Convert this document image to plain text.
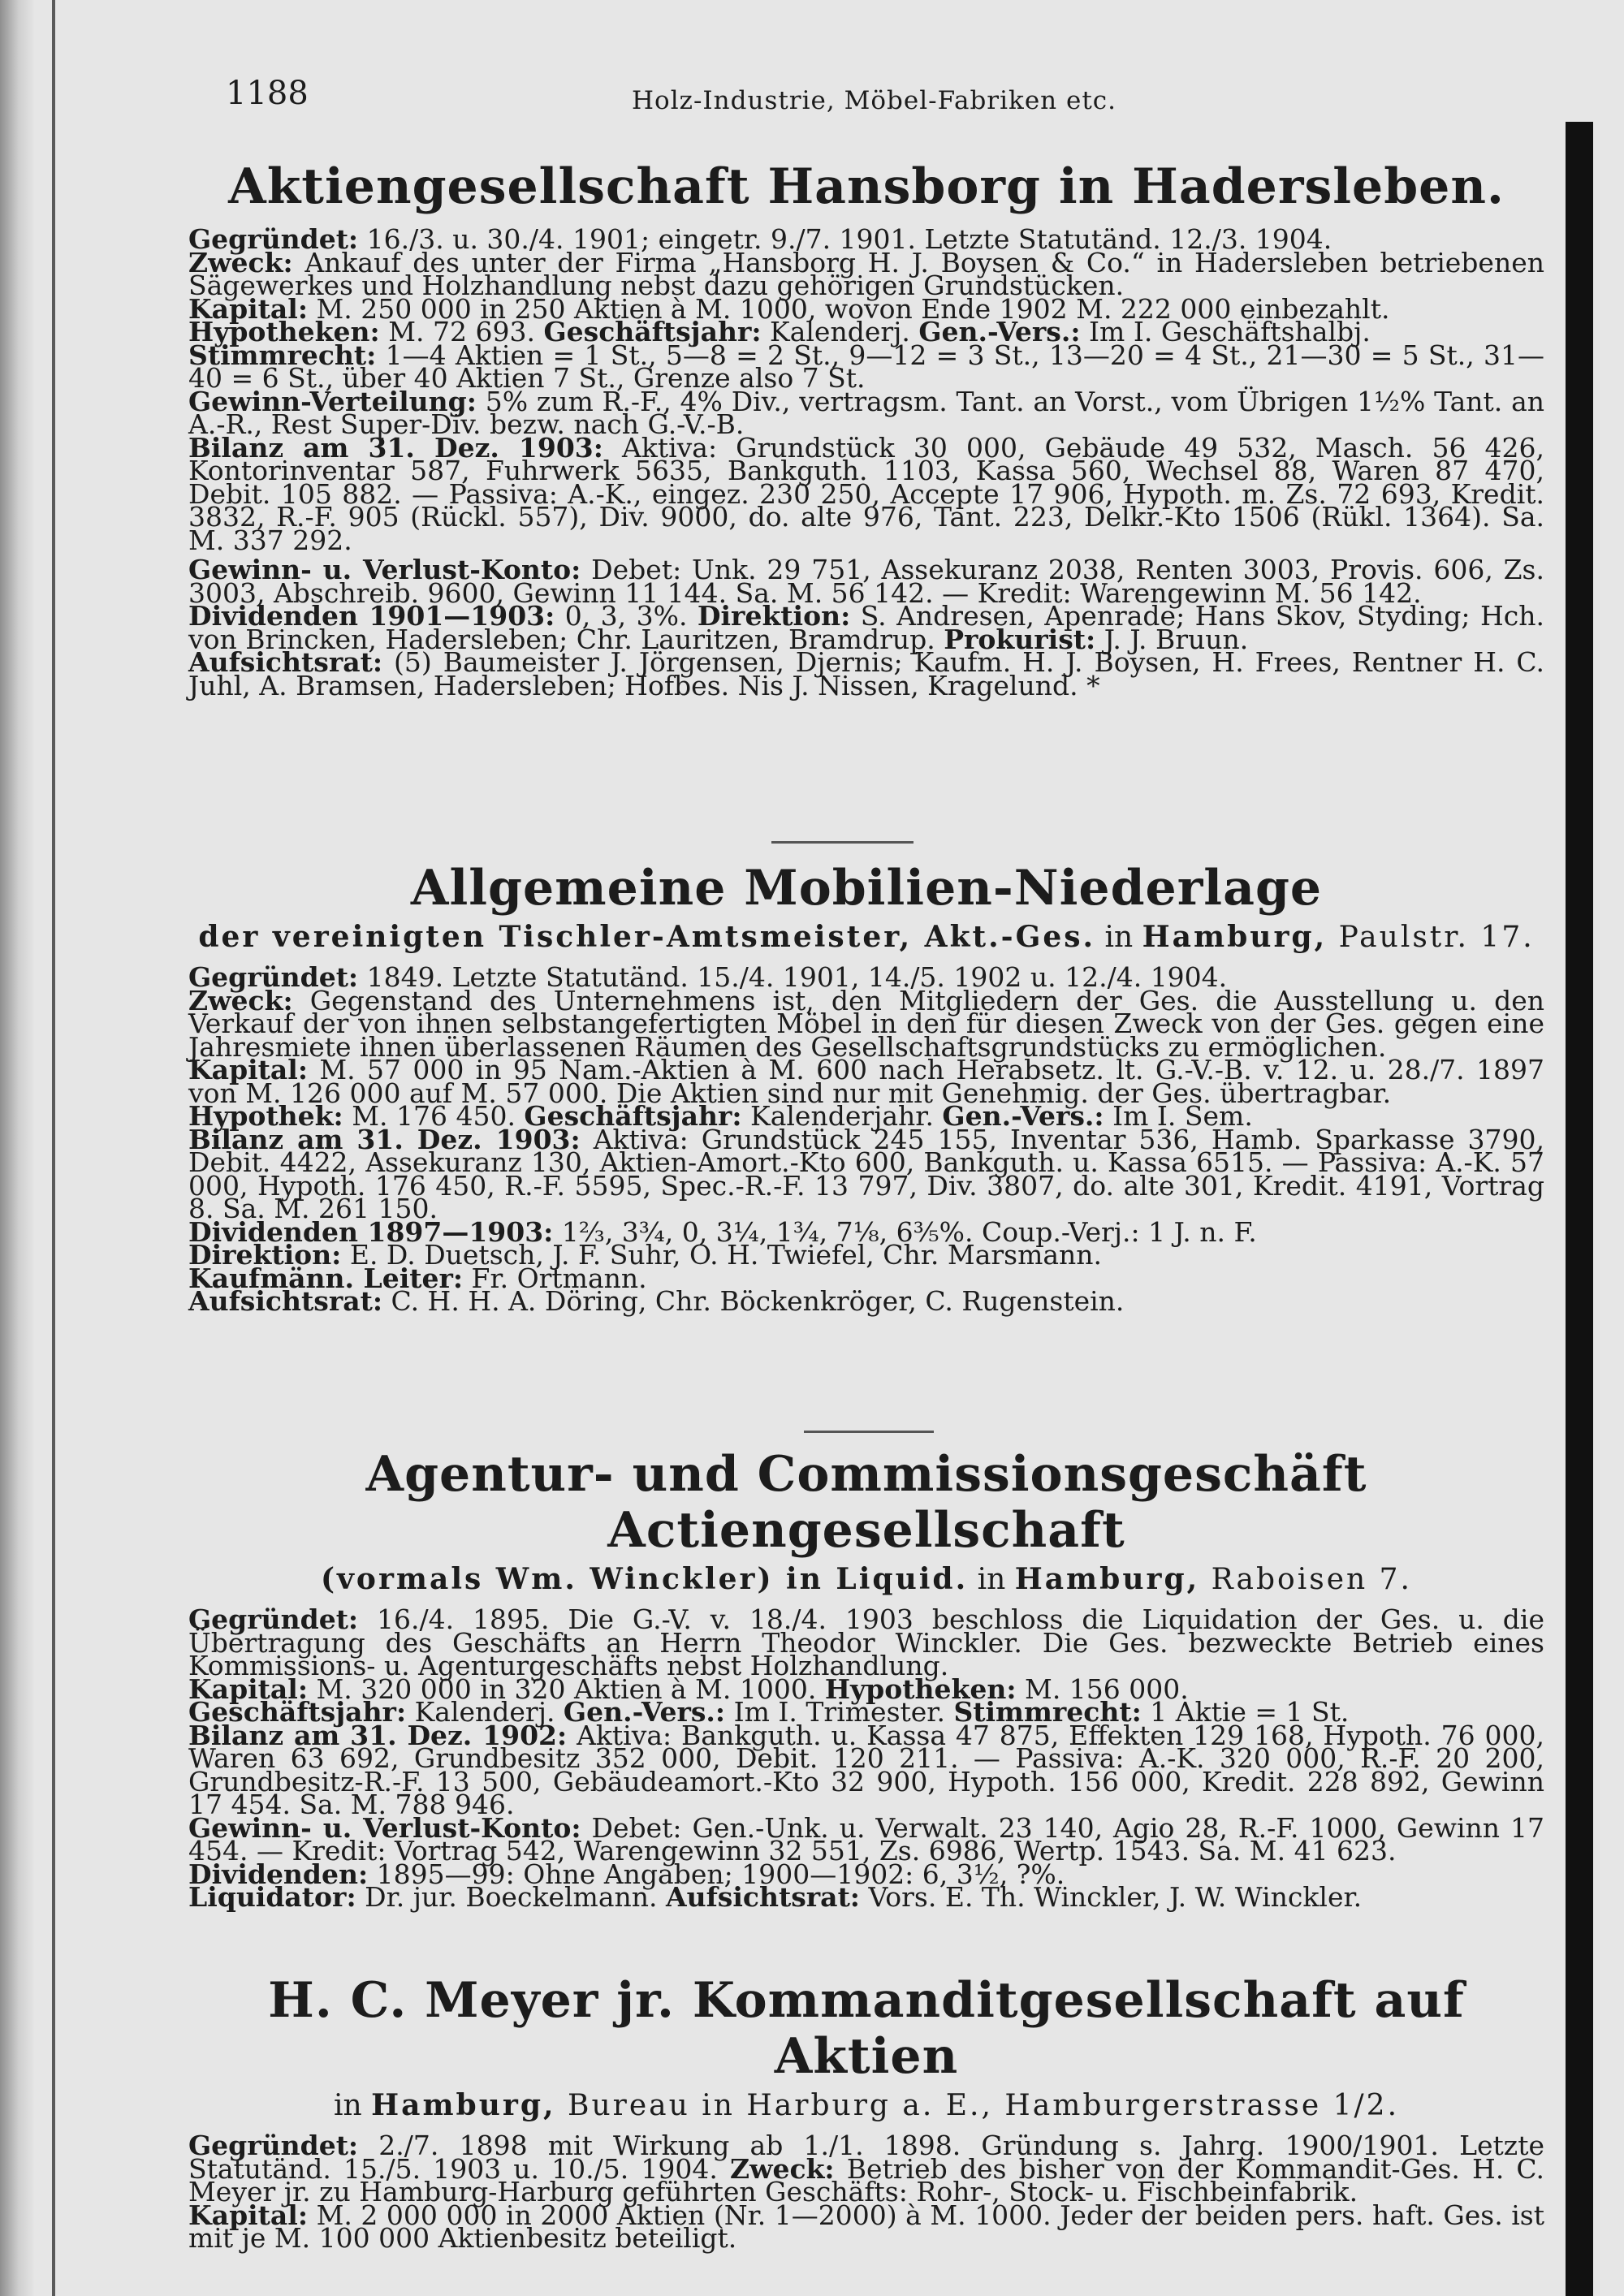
1188	Holz-Industrie, Möbel-Fabriken etc.
Aktiengesellschaft Hansborg in Hadersleben.

Gegründet: 16./3. u. 30./4. 1901; eingetr. 9./7. 1901. Letzte Statutänd. 12./3. 1904.

Zweck: Ankauf des unter der Firma „Hansborg H. J. Boysen & Co.“ in Hadersleben betriebenen Sägewerkes und Holzhandlung nebst dazu gehörigen Grundstücken.

Kapital: M. 250 000 in 250 Aktien à M. 1000, wovon Ende 1902 M. 222 000 einbezahlt.

Hypotheken: M. 72 693. Geschäftsjahr: Kalenderj. Gen.-Vers.: Im I. Geschäftshalbj.

Stimmrecht: 1—4 Aktien = 1 St., 5—8 = 2 St., 9—12 = 3 St., 13—20 = 4 St., 21—30 = 5 St., 31—40 = 6 St., über 40 Aktien 7 St., Grenze also 7 St.

Gewinn-Verteilung: 5% zum R.-F., 4% Div., vertragsm. Tant. an Vorst., vom Übrigen 1½% Tant. an A.-R., Rest Super-Div. bezw. nach G.-V.-B.

Bilanz am 31. Dez. 1903: Aktiva: Grundstück 30 000, Gebäude 49 532, Masch. 56 426, Kontorinventar 587, Fuhrwerk 5635, Bankguth. 1103, Kassa 560, Wechsel 88, Waren 87 470, Debit. 105 882. — Passiva: A.-K., eingez. 230 250, Accepte 17 906, Hypoth. m. Zs. 72 693, Kredit. 3832, R.-F. 905 (Rückl. 557), Div. 9000, do. alte 976, Tant. 223, Delkr.-Kto 1506 (Rükl. 1364). Sa. M. 337 292.

Gewinn- u. Verlust-Konto: Debet: Unk. 29 751, Assekuranz 2038, Renten 3003, Provis. 606, Zs. 3003, Abschreib. 9600, Gewinn 11 144. Sa. M. 56 142. — Kredit: Warengewinn M. 56 142.

Dividenden 1901—1903: 0, 3, 3%. Direktion: S. Andresen, Apenrade; Hans Skov, Styding; Hch. von Brincken, Hadersleben; Chr. Lauritzen, Bramdrup. Prokurist: J. J. Bruun.

Aufsichtsrat: (5) Baumeister J. Jörgensen, Djernis; Kaufm. H. J. Boysen, H. Frees, Rentner H. C. Juhl, A. Bramsen, Hadersleben; Hofbes. Nis J. Nissen, Kragelund. *

Allgemeine Mobilien-Niederlage
der vereinigten Tischler-Amtsmeister, Akt.-Ges. in Hamburg, Paulstr. 17.

Gegründet: 1849. Letzte Statutänd. 15./4. 1901, 14./5. 1902 u. 12./4. 1904.

Zweck: Gegenstand des Unternehmens ist, den Mitgliedern der Ges. die Ausstellung u. den Verkauf der von ihnen selbstangefertigten Möbel in den für diesen Zweck von der Ges. gegen eine Jahresmiete ihnen überlassenen Räumen des Gesellschaftsgrundstücks zu ermöglichen.

Kapital: M. 57 000 in 95 Nam.-Aktien à M. 600 nach Herabsetz. lt. G.-V.-B. v. 12. u. 28./7. 1897 von M. 126 000 auf M. 57 000. Die Aktien sind nur mit Genehmig. der Ges. übertragbar.

Hypothek: M. 176 450. Geschäftsjahr: Kalenderjahr. Gen.-Vers.: Im I. Sem.

Bilanz am 31. Dez. 1903: Aktiva: Grundstück 245 155, Inventar 536, Hamb. Sparkasse 3790, Debit. 4422, Assekuranz 130, Aktien-Amort.-Kto 600, Bankguth. u. Kassa 6515. — Passiva: A.-K. 57 000, Hypoth. 176 450, R.-F. 5595, Spec.-R.-F. 13 797, Div. 3807, do. alte 301, Kredit. 4191, Vortrag 8. Sa. M. 261 150.

Dividenden 1897—1903: 1⅔, 3¾, 0, 3¼, 1¾, 7⅛, 6⅗%. Coup.-Verj.: 1 J. n. F.

Direktion: E. D. Duetsch, J. F. Suhr, O. H. Twiefel, Chr. Marsmann.

Kaufmänn. Leiter: Fr. Ortmann.

Aufsichtsrat: C. H. H. A. Döring, Chr. Böckenkröger, C. Rugenstein.

Agentur- und Commissionsgeschäft Actiengesellschaft
(vormals Wm. Winckler) in Liquid. in Hamburg, Raboisen 7.

Gegründet: 16./4. 1895. Die G.-V. v. 18./4. 1903 beschloss die Liquidation der Ges. u. die Übertragung des Geschäfts an Herrn Theodor Winckler. Die Ges. bezweckte Betrieb eines Kommissions- u. Agenturgeschäfts nebst Holzhandlung.

Kapital: M. 320 000 in 320 Aktien à M. 1000. Hypotheken: M. 156 000.

Geschäftsjahr: Kalenderj. Gen.-Vers.: Im I. Trimester. Stimmrecht: 1 Aktie = 1 St.

Bilanz am 31. Dez. 1902: Aktiva: Bankguth. u. Kassa 47 875, Effekten 129 168, Hypoth. 76 000, Waren 63 692, Grundbesitz 352 000, Debit. 120 211. — Passiva: A.-K. 320 000, R.-F. 20 200, Grundbesitz-R.-F. 13 500, Gebäudeamort.-Kto 32 900, Hypoth. 156 000, Kredit. 228 892, Gewinn 17 454. Sa. M. 788 946.

Gewinn- u. Verlust-Konto: Debet: Gen.-Unk. u. Verwalt. 23 140, Agio 28, R.-F. 1000, Gewinn 17 454. — Kredit: Vortrag 542, Warengewinn 32 551, Zs. 6986, Wertp. 1543. Sa. M. 41 623.

Dividenden: 1895—99: Ohne Angaben; 1900—1902: 6, 3½, ?%.

Liquidator: Dr. jur. Boeckelmann. Aufsichtsrat: Vors. E. Th. Winckler, J. W. Winckler.

H. C. Meyer jr. Kommanditgesellschaft auf Aktien
in Hamburg, Bureau in Harburg a. E., Hamburgerstrasse 1/2.

Gegründet: 2./7. 1898 mit Wirkung ab 1./1. 1898. Gründung s. Jahrg. 1900/1901. Letzte Statutänd. 15./5. 1903 u. 10./5. 1904. Zweck: Betrieb des bisher von der Kommandit-Ges. H. C. Meyer jr. zu Hamburg-Harburg geführten Geschäfts: Rohr-, Stock- u. Fischbeinfabrik.

Kapital: M. 2 000 000 in 2000 Aktien (Nr. 1—2000) à M. 1000. Jeder der beiden pers. haft. Ges. ist mit je M. 100 000 Aktienbesitz beteiligt.
